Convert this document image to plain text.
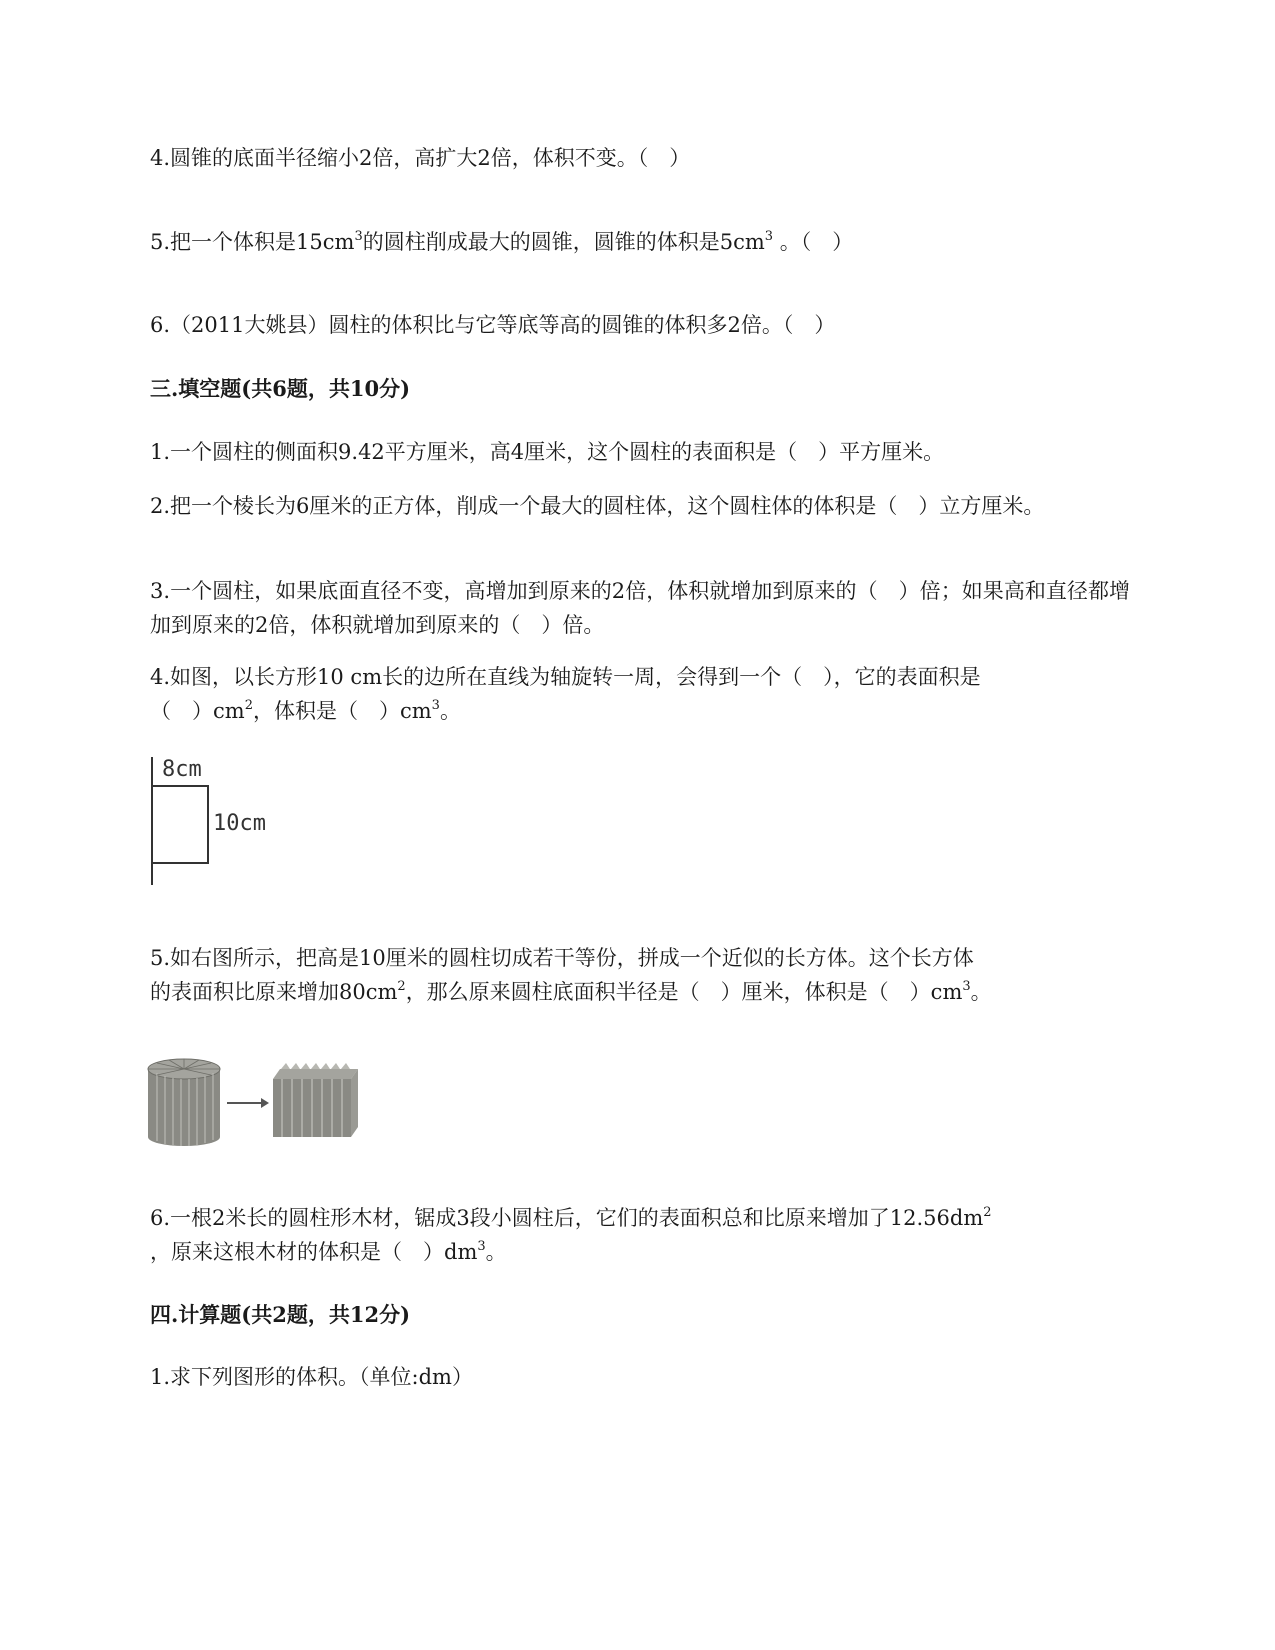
4.圆锥的底面半径缩小2倍，高扩大2倍，体积不变。（　）
5.把一个体积是$15cm^3$的圆柱削成最大的圆锥，圆锥的体积是$5cm^3$ 。（　）
6.（2011大姚县）圆柱的体积比与它等底等高的圆锥的体积多2倍。（　）
三.填空题(共6题，共10分)
1.一个圆柱的侧面积9.42平方厘米，高4厘米，这个圆柱的表面积是（　）平方厘米。
2.把一个棱长为6厘米的正方体，削成一个最大的圆柱体，这个圆柱体的体积是（　）立方厘米。
3.一个圆柱，如果底面直径不变，高增加到原来的2倍，体积就增加到原来的（　）倍；如果高和直径都增加到原来的2倍，体积就增加到原来的（　）倍。
4.如图，以长方形10 cm长的边所在直线为轴旋转一周，会得到一个（　），它的表面积是
（　）$cm^2$，体积是（　）$cm^3$。
8cm
10cm
5.如右图所示，把高是10厘米的圆柱切成若干等份，拼成一个近似的长方体。这个长方体
的表面积比原来增加$80cm^2$，那么原来圆柱底面积半径是（　）厘米，体积是（　）$cm^3$。
6.一根2米长的圆柱形木材，锯成3段小圆柱后，它们的表面积总和比原来增加了$12.56dm^2$
，原来这根木材的体积是（　）$dm^3$。
四.计算题(共2题，共12分)
1.求下列图形的体积。（单位:dm）
